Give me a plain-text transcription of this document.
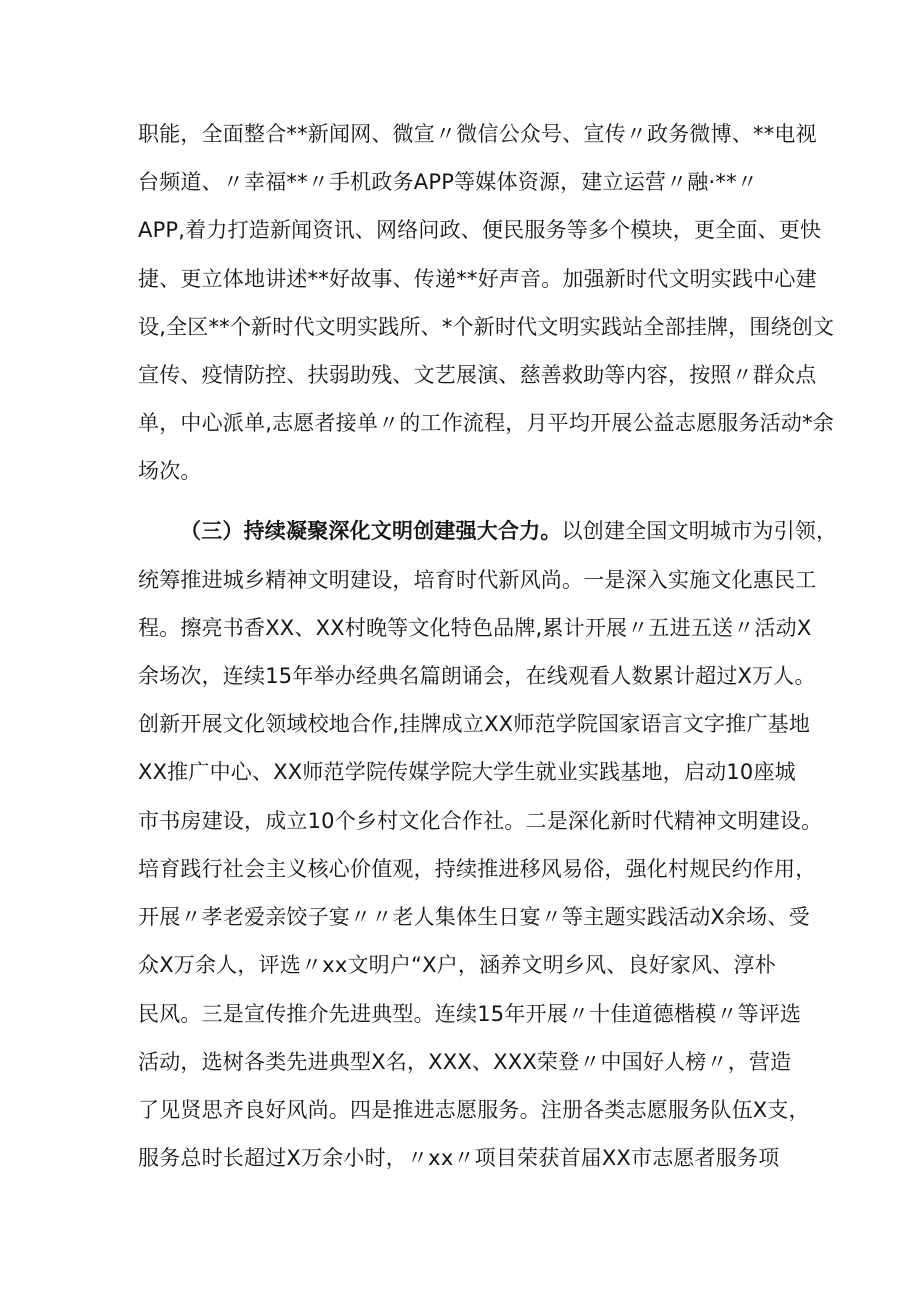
职能，全面整合**新闻网、微宣〃微信公众号、宣传〃政务微博、**电视
台频道、〃幸福**〃手机政务APP等媒体资源，建立运营〃融·**〃
APP,着力打造新闻资讯、网络问政、便民服务等多个模块，更全面、更快
捷、更立体地讲述**好故事、传递**好声音。加强新时代文明实践中心建
设,全区**个新时代文明实践所、*个新时代文明实践站全部挂牌，围绕创文
宣传、疫情防控、扶弱助残、文艺展演、慈善救助等内容，按照〃群众点
单，中心派单,志愿者接单〃的工作流程，月平均开展公益志愿服务活动*余
场次。
（三）持续凝聚深化文明创建强大合力。以创建全国文明城市为引领，
统筹推进城乡精神文明建设，培育时代新风尚。一是深入实施文化惠民工
程。擦亮书香XX、XX村晚等文化特色品牌,累计开展〃五进五送〃活动X
余场次，连续15年举办经典名篇朗诵会，在线观看人数累计超过X万人。
创新开展文化领域校地合作,挂牌成立XX师范学院国家语言文字推广基地
XX推广中心、XX师范学院传媒学院大学生就业实践基地，启动10座城
市书房建设，成立10个乡村文化合作社。二是深化新时代精神文明建设。
培育践行社会主义核心价值观，持续推进移风易俗，强化村规民约作用，
开展〃孝老爱亲饺子宴〃〃老人集体生日宴〃等主题实践活动X余场、受
众X万余人，评选〃xx文明户“X户，涵养文明乡风、良好家风、淳朴
民风。三是宣传推介先进典型。连续15年开展〃十佳道德楷模〃等评选
活动，选树各类先进典型X名，XXX、XXX荣登〃中国好人榜〃，营造
了见贤思齐良好风尚。四是推进志愿服务。注册各类志愿服务队伍X支，
服务总时长超过X万余小时，〃xx〃项目荣获首届XX市志愿者服务项
